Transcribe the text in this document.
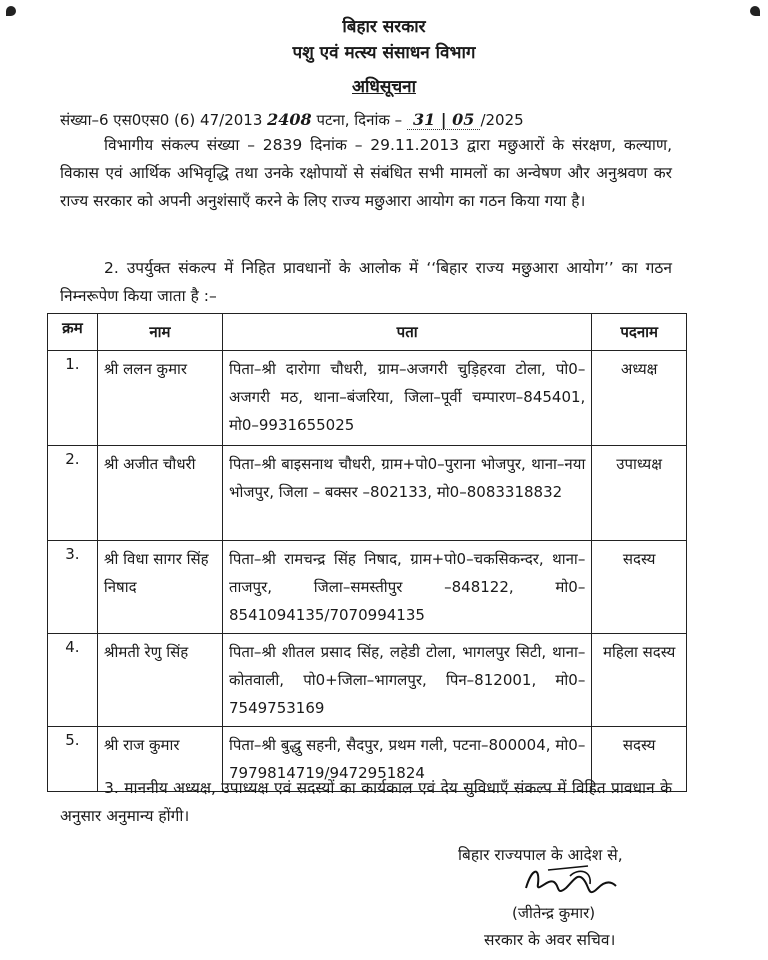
बिहार सरकार
पशु एवं मत्स्य संसाधन विभाग
अधिसूचना
संख्या–6 एस0एस0 (6) 47/2013 2408 पटना, दिनांक – 31 | 05 /2025
विभागीय संकल्प संख्या – 2839 दिनांक – 29.11.2013 द्वारा मछुआरों के संरक्षण, कल्याण, विकास एवं आर्थिक अभिवृद्धि तथा उनके रक्षोपायों से संबंधित सभी मामलों का अन्वेषण और अनुश्रवण कर राज्य सरकार को अपनी अनुशंसाएँ करने के लिए राज्य मछुआरा आयोग का गठन किया गया है।
2. उपर्युक्त संकल्प में निहित प्रावधानों के आलोक में ‘‘बिहार राज्य मछुआरा आयोग’’ का गठन निम्नरूपेण किया जाता है :–
क्रम	नाम	पता	पदनाम
1.	श्री ललन कुमार	पिता–श्री दारोगा चौधरी, ग्राम–अजगरी चुड़िहरवा टोला, पो0–अजगरी मठ, थाना–बंजरिया, जिला–पूर्वी चम्पारण–845401, मो0–9931655025	अध्यक्ष
2.	श्री अजीत चौधरी	पिता–श्री बाइसनाथ चौधरी, ग्राम+पो0–पुराना भोजपुर, थाना–नया भोजपुर, जिला – बक्सर –802133, मो0–8083318832	उपाध्यक्ष
3.	श्री विधा सागर सिंह निषाद	पिता–श्री रामचन्द्र सिंह निषाद, ग्राम+पो0–चकसिकन्दर, थाना–ताजपुर, जिला–समस्तीपुर –848122, मो0–8541094135/7070994135	सदस्य
4.	श्रीमती रेणु सिंह	पिता–श्री शीतल प्रसाद सिंह, लहेडी टोला, भागलपुर सिटी, थाना–कोतवाली, पो0+जिला–भागलपुर, पिन–812001, मो0–7549753169	महिला सदस्य
5.	श्री राज कुमार	पिता–श्री बुद्धु सहनी, सैदपुर, प्रथम गली, पटना–800004, मो0–7979814719/9472951824	सदस्य
3. माननीय अध्यक्ष, उपाध्यक्ष एवं सदस्यों का कार्यकाल एवं देय सुविधाएँ संकल्प में विहित प्रावधान के अनुसार अनुमान्य होंगी।
बिहार राज्यपाल के आदेश से,
(जीतेन्द्र कुमार)
सरकार के अवर सचिव।
